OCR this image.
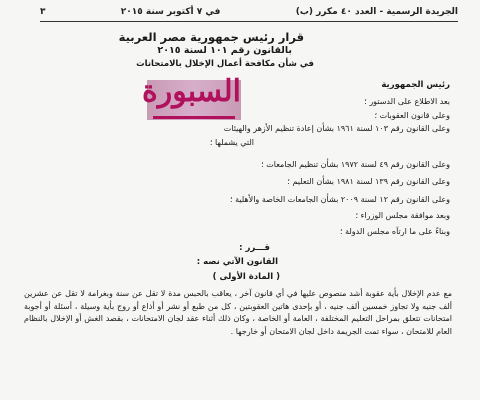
الجريدة الرسمية - العدد ٤٠ مكرر (ب)
في ٧ أكتوبر سنة ٢٠١٥
٣
قرار رئيس جمهورية مصر العربية
بالقانون رقم ١٠١ لسنة ٢٠١٥
في شأن مكافحة أعمال الإخلال بالامتحانات
السبورة	رئيس الجمهورية
بعد الاطلاع على الدستور ؛
وعلى قانون العقوبات ؛
وعلى القانون رقم ١٠٣ لسنة ١٩٦١ بشأن إعادة تنظيم الأزهر والهيئات
التي يشملها ؛
وعلى القانون رقم ٤٩ لسنة ١٩٧٢ بشأن تنظيم الجامعات ؛
وعلى القانون رقم ١٣٩ لسنة ١٩٨١ بشأن التعليم ؛
وعلى القانون رقم ١٢ لسنة ٢٠٠٩ بشأن الجامعات الخاصة والأهلية ؛
وبعد موافقة مجلس الوزراء ؛
وبناءً على ما ارتآه مجلس الدولة ؛
قـــرر :
القانون الآتي نصه :
( المادة الأولى )
مع عدم الإخلال بأية عقوبة أشد منصوص عليها في أي قانون آخر ، يعاقب بالحبس مدة لا تقل عن سنة وبغرامة لا تقل عن عشرين ألف جنيه ولا تجاوز خمسين ألف جنيه ، أو بإحدى هاتين العقوبتين ، كل من طبع أو نشر أو أذاع أو روج بأية وسيلة ، أسئلة أو أجوبة امتحانات تتعلق بمراحل التعليم المختلفة ، العامة أو الخاصة ، وكان ذلك أثناء عقد لجان الامتحانات ، بقصد الغش أو الإخلال بالنظام العام للامتحان ، سواء تمت الجريمة داخل لجان الامتحان أو خارجها .
